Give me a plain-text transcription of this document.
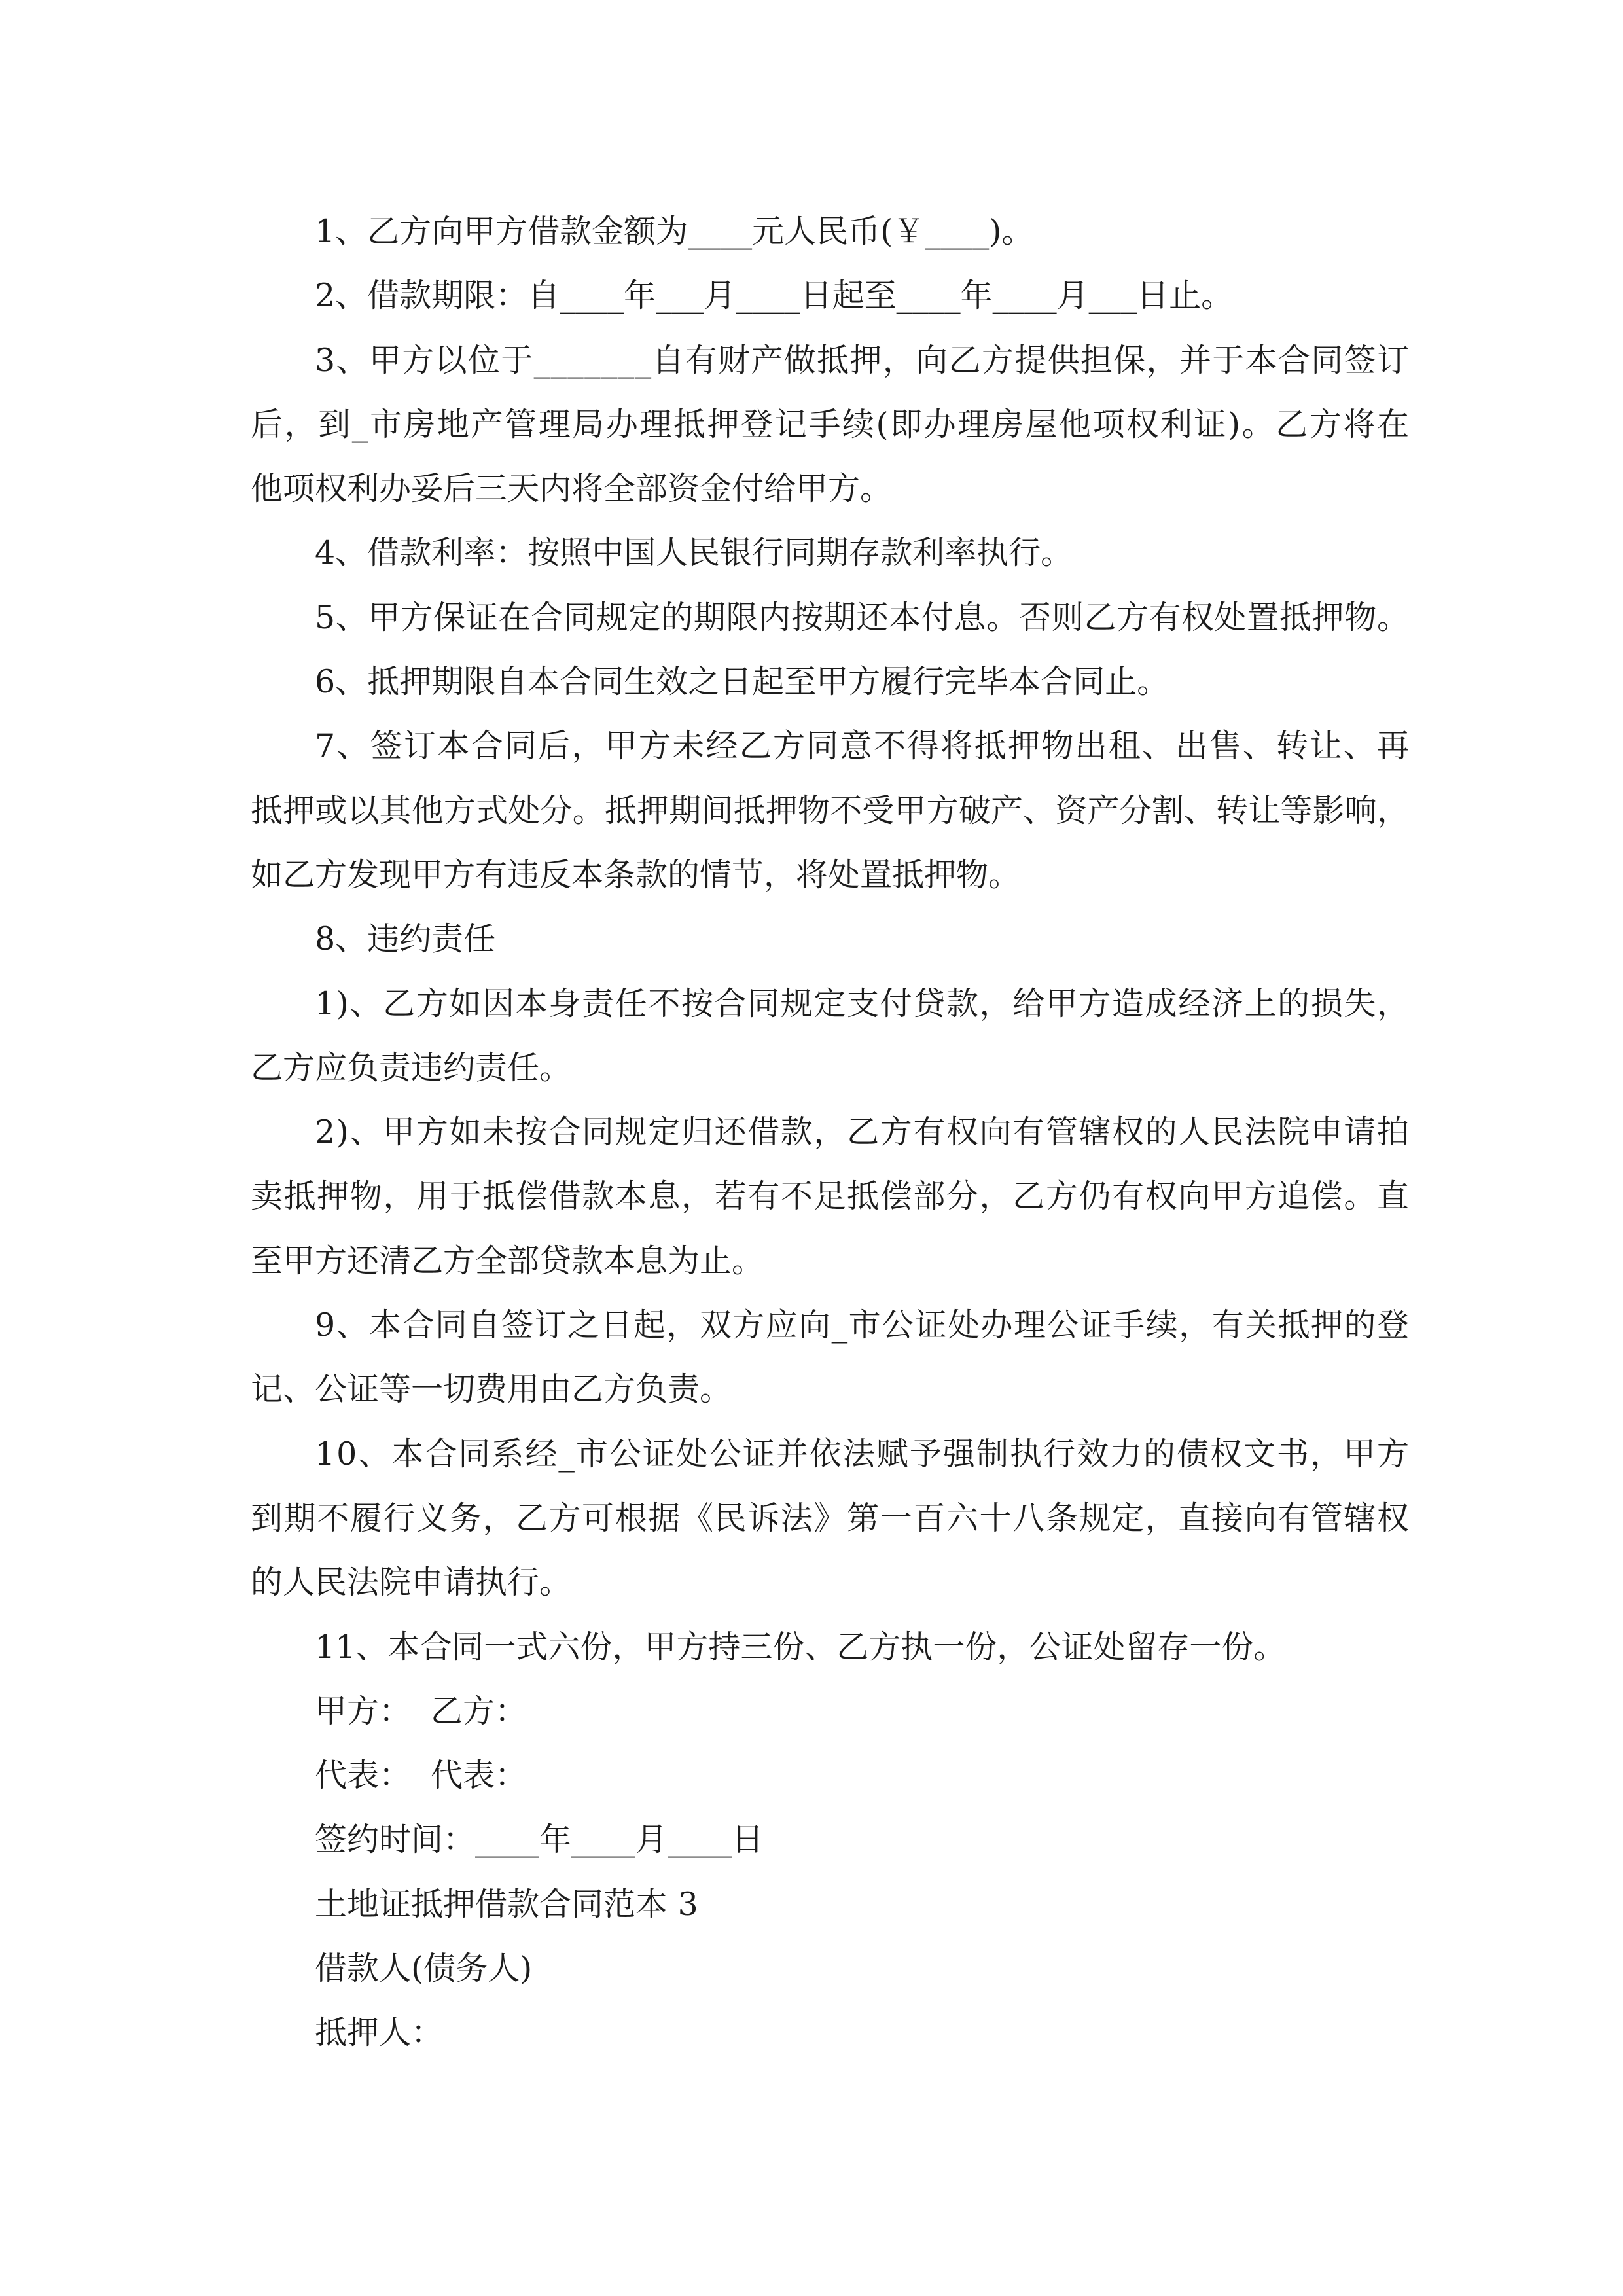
1、乙方向甲方借款金额为____元人民币(￥____)。
2、借款期限：自____年___月____日起至____年____月___日止。
3、甲方以位于_______自有财产做抵押，向乙方提供担保，并于本合同签订
后，到_市房地产管理局办理抵押登记手续(即办理房屋他项权利证)。乙方将在
他项权利办妥后三天内将全部资金付给甲方。
4、借款利率：按照中国人民银行同期存款利率执行。
5、甲方保证在合同规定的期限内按期还本付息。否则乙方有权处置抵押物。
6、抵押期限自本合同生效之日起至甲方履行完毕本合同止。
7、签订本合同后，甲方未经乙方同意不得将抵押物出租、出售、转让、再
抵押或以其他方式处分。抵押期间抵押物不受甲方破产、资产分割、转让等影响，
如乙方发现甲方有违反本条款的情节，将处置抵押物。
8、违约责任
1)、乙方如因本身责任不按合同规定支付贷款，给甲方造成经济上的损失，
乙方应负责违约责任。
2)、甲方如未按合同规定归还借款，乙方有权向有管辖权的人民法院申请拍
卖抵押物，用于抵偿借款本息，若有不足抵偿部分，乙方仍有权向甲方追偿。直
至甲方还清乙方全部贷款本息为止。
9、本合同自签订之日起，双方应向_市公证处办理公证手续，有关抵押的登
记、公证等一切费用由乙方负责。
10、本合同系经_市公证处公证并依法赋予强制执行效力的债权文书，甲方
到期不履行义务，乙方可根据《民诉法》第一百六十八条规定，直接向有管辖权
的人民法院申请执行。
11、本合同一式六份，甲方持三份、乙方执一份，公证处留存一份。
甲方： 乙方：
代表： 代表：
签约时间：____年____月____日
土地证抵押借款合同范本 3
借款人(债务人)
抵押人：
